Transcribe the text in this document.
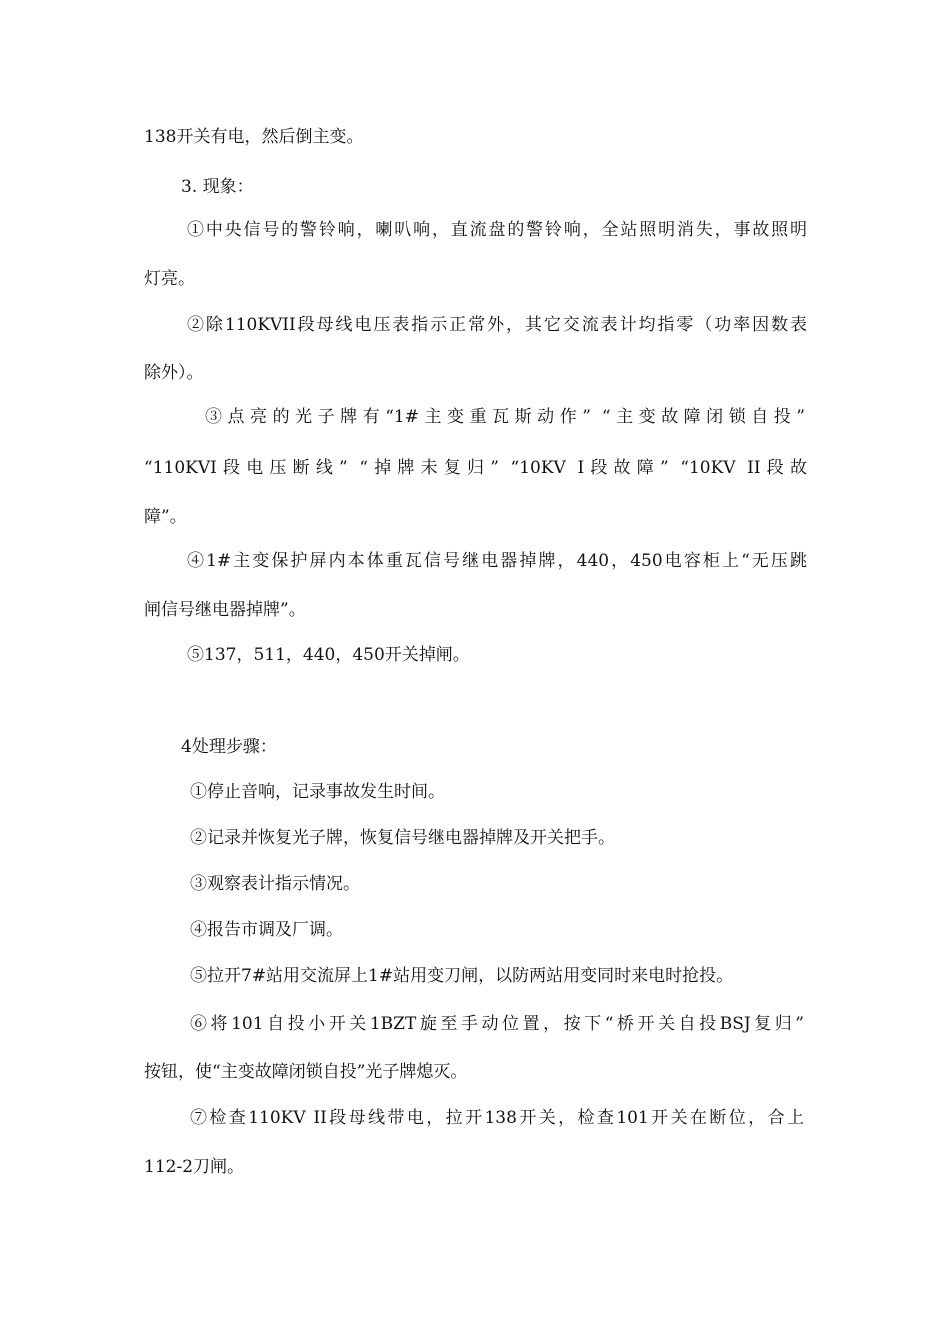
138开关有电，然后倒主变。
3. 现象：
①中央信号的警铃响，喇叭响，直流盘的警铃响，全站照明消失，事故照明
灯亮。
②除110KVII段母线电压表指示正常外，其它交流表计均指零（功率因数表
除外）。
③点亮的光子牌有“1#主变重瓦斯动作” “主变故障闭锁自投”
“110KVI段电压断线” “掉牌未复归” “10KV I段故障” “10KV II段故
障”。
④1#主变保护屏内本体重瓦信号继电器掉牌，440，450电容柜上“无压跳
闸信号继电器掉牌”。
⑤137，511，440，450开关掉闸。
4处理步骤：
①停止音响，记录事故发生时间。
②记录并恢复光子牌，恢复信号继电器掉牌及开关把手。
③观察表计指示情况。
④报告市调及厂调。
⑤拉开7#站用交流屏上1#站用变刀闸，以防两站用变同时来电时抢投。
⑥将101自投小开关1BZT旋至手动位置，按下“桥开关自投BSJ复归”
按钮，使“主变故障闭锁自投”光子牌熄灭。
⑦检查110KV II段母线带电，拉开138开关，检查101开关在断位，合上
112-2刀闸。
